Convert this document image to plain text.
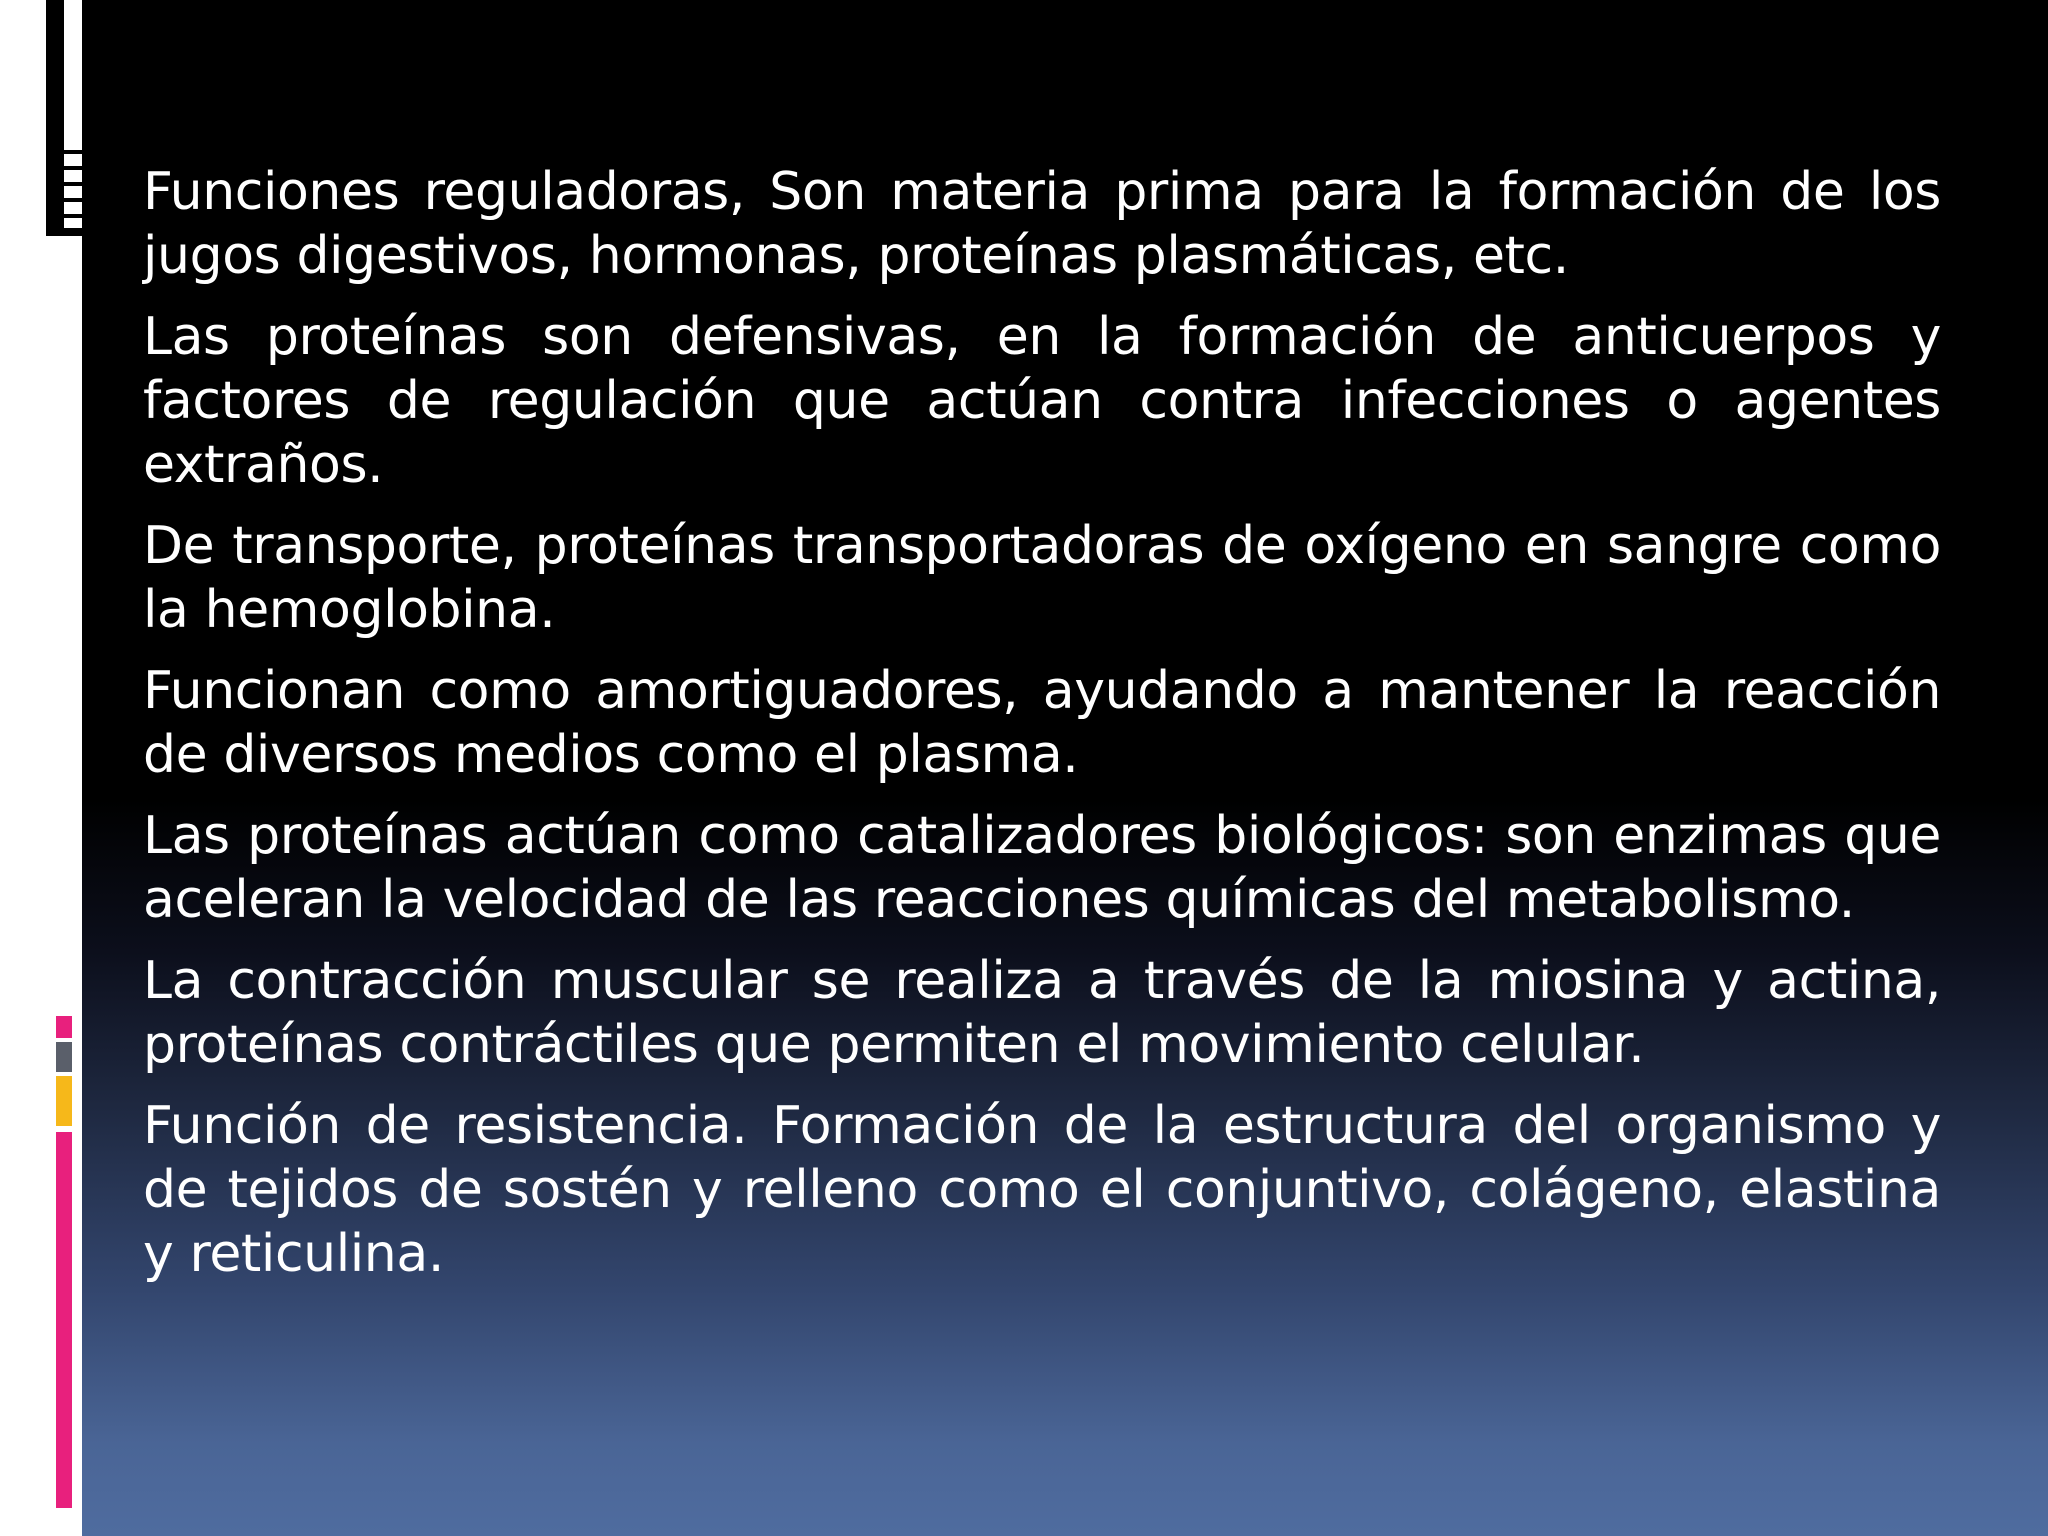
Funciones reguladoras, Son materia prima para la formación de los jugos digestivos, hormonas, proteínas plasmáticas, etc.

Las proteínas son defensivas, en la formación de anticuerpos y factores de regulación que actúan contra infecciones o agentes extraños.

De transporte, proteínas transportadoras de oxígeno en sangre como la hemoglobina.

Funcionan como amortiguadores, ayudando a mantener la reacción de diversos medios como el plasma.

Las proteínas actúan como catalizadores biológicos: son enzimas que aceleran la velocidad de las reacciones químicas del metabolismo.

La contracción muscular se realiza a través de la miosina y actina, proteínas contráctiles que permiten el movimiento celular.

Función de resistencia. Formación de la estructura del organismo y de tejidos de sostén y relleno como el conjuntivo, colágeno, elastina y reticulina.
